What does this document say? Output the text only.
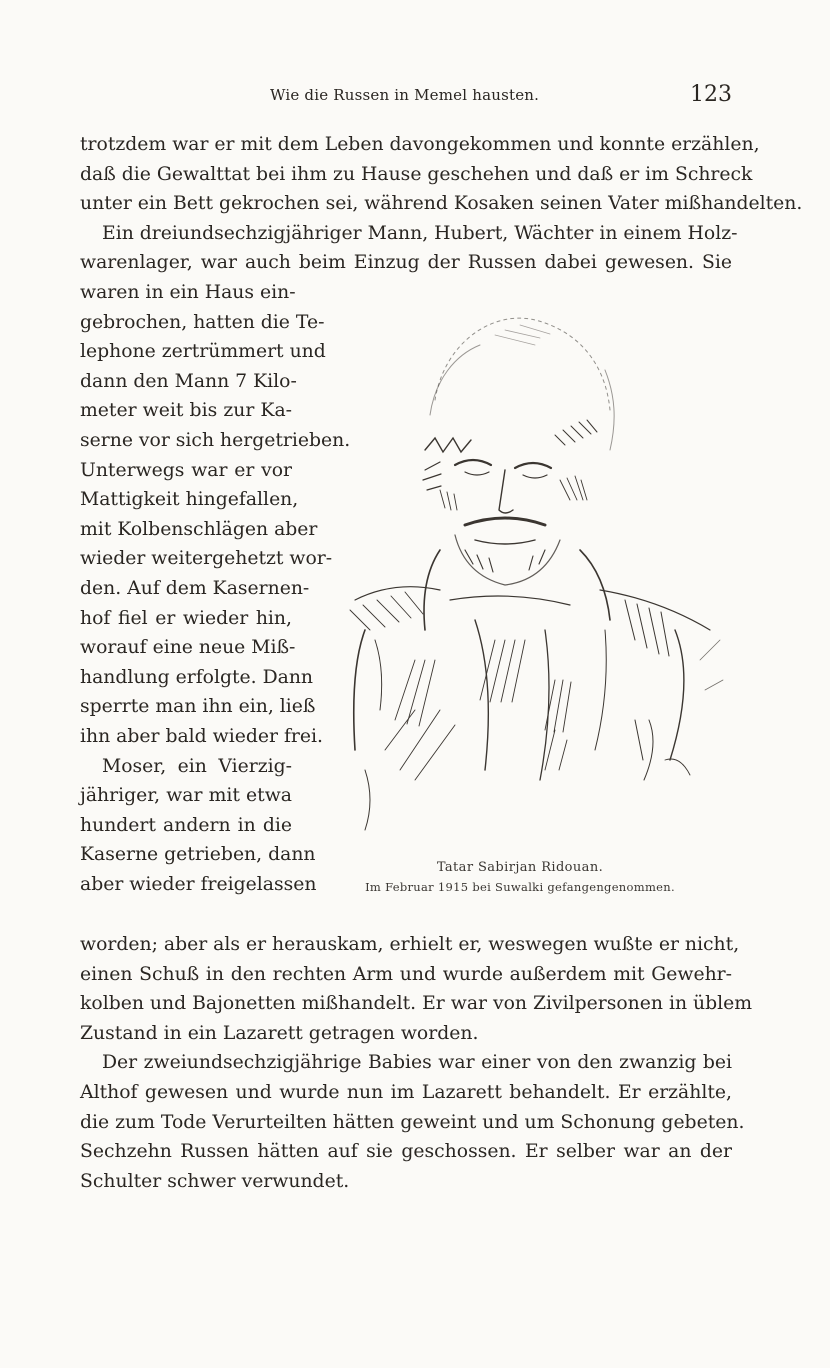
Wie die Russen in Memel hausten.	123
trotzdem war er mit dem Leben davongekommen und konnte erzählen,
daß die Gewalttat bei ihm zu Hause geschehen und daß er im Schreck
unter ein Bett gekrochen sei, während Kosaken seinen Vater mißhandelten.
Ein dreiundsechzigjähriger Mann, Hubert, Wächter in einem Holz-
warenlager, war auch beim Einzug der Russen dabei gewesen. Sie
waren in ein Haus ein-
gebrochen, hatten die Te-
lephone zertrümmert und
dann den Mann 7 Kilo-
meter weit bis zur Ka-
serne vor sich hergetrieben.
Unterwegs war er vor
Mattigkeit hingefallen,
mit Kolbenschlägen aber
wieder weitergehetzt wor-
den. Auf dem Kasernen-
hof fiel er wieder hin,
worauf eine neue Miß-
handlung erfolgte. Dann
sperrte man ihn ein, ließ
ihn aber bald wieder frei.
Moser, ein Vierzig-
jähriger, war mit etwa
hundert andern in die
Kaserne getrieben, dann
aber wieder freigelassen
Tatar Sabirjan Ridouan.
Im Februar 1915 bei Suwalki gefangengenommen.
worden; aber als er herauskam, erhielt er, weswegen wußte er nicht,
einen Schuß in den rechten Arm und wurde außerdem mit Gewehr-
kolben und Bajonetten mißhandelt. Er war von Zivilpersonen in üblem
Zustand in ein Lazarett getragen worden.
Der zweiundsechzigjährige Babies war einer von den zwanzig bei
Althof gewesen und wurde nun im Lazarett behandelt. Er erzählte,
die zum Tode Verurteilten hätten geweint und um Schonung gebeten.
Sechzehn Russen hätten auf sie geschossen. Er selber war an der
Schulter schwer verwundet.
